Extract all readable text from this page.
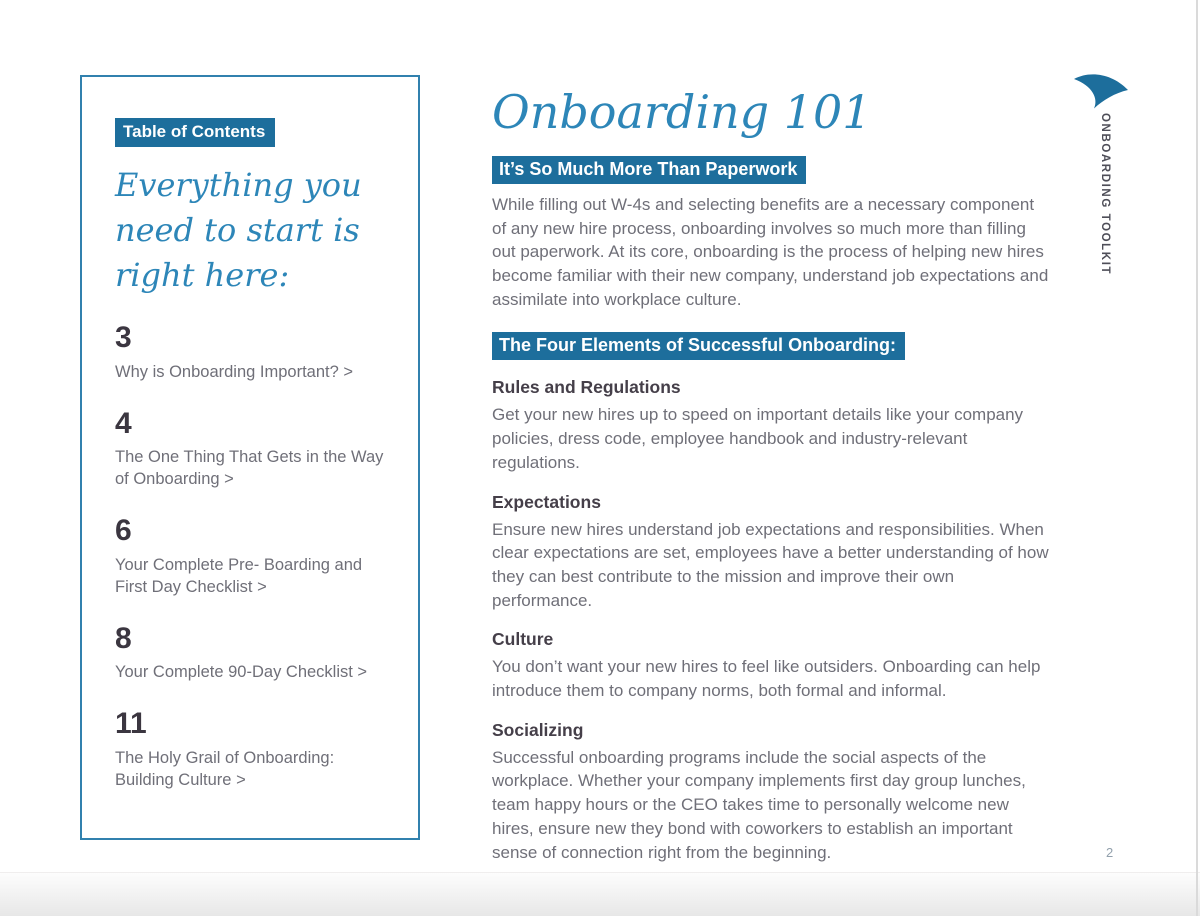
Table of Contents
Everything you need to start is right here:
3
Why is Onboarding Important? >
4
The One Thing That Gets in the Way of Onboarding >
6
Your Complete Pre- Boarding and First Day Checklist >
8
Your Complete 90-Day Checklist >
11
The Holy Grail of Onboarding: Building Culture >
Onboarding 101
It’s So Much More Than Paperwork
While filling out W-4s and selecting benefits are a necessary component of any new hire process, onboarding involves so much more than filling out paperwork. At its core, onboarding is the process of helping new hires become familiar with their new company, understand job expectations and assimilate into workplace culture.
The Four Elements of Successful Onboarding:
Rules and Regulations
Get your new hires up to speed on important details like your company policies, dress code, employee handbook and industry-relevant regulations.
Expectations
Ensure new hires understand job expectations and responsibilities. When clear expectations are set, employees have a better understanding of how they can best contribute to the mission and improve their own performance.
Culture
You don’t want your new hires to feel like outsiders. Onboarding can help introduce them to company norms, both formal and informal.
Socializing
Successful onboarding programs include the social aspects of the workplace. Whether your company implements first day group lunches, team happy hours or the CEO takes time to personally welcome new hires, ensure new they bond with coworkers to establish an important sense of connection right from the beginning.
ONBOARDING TOOLKIT
2
